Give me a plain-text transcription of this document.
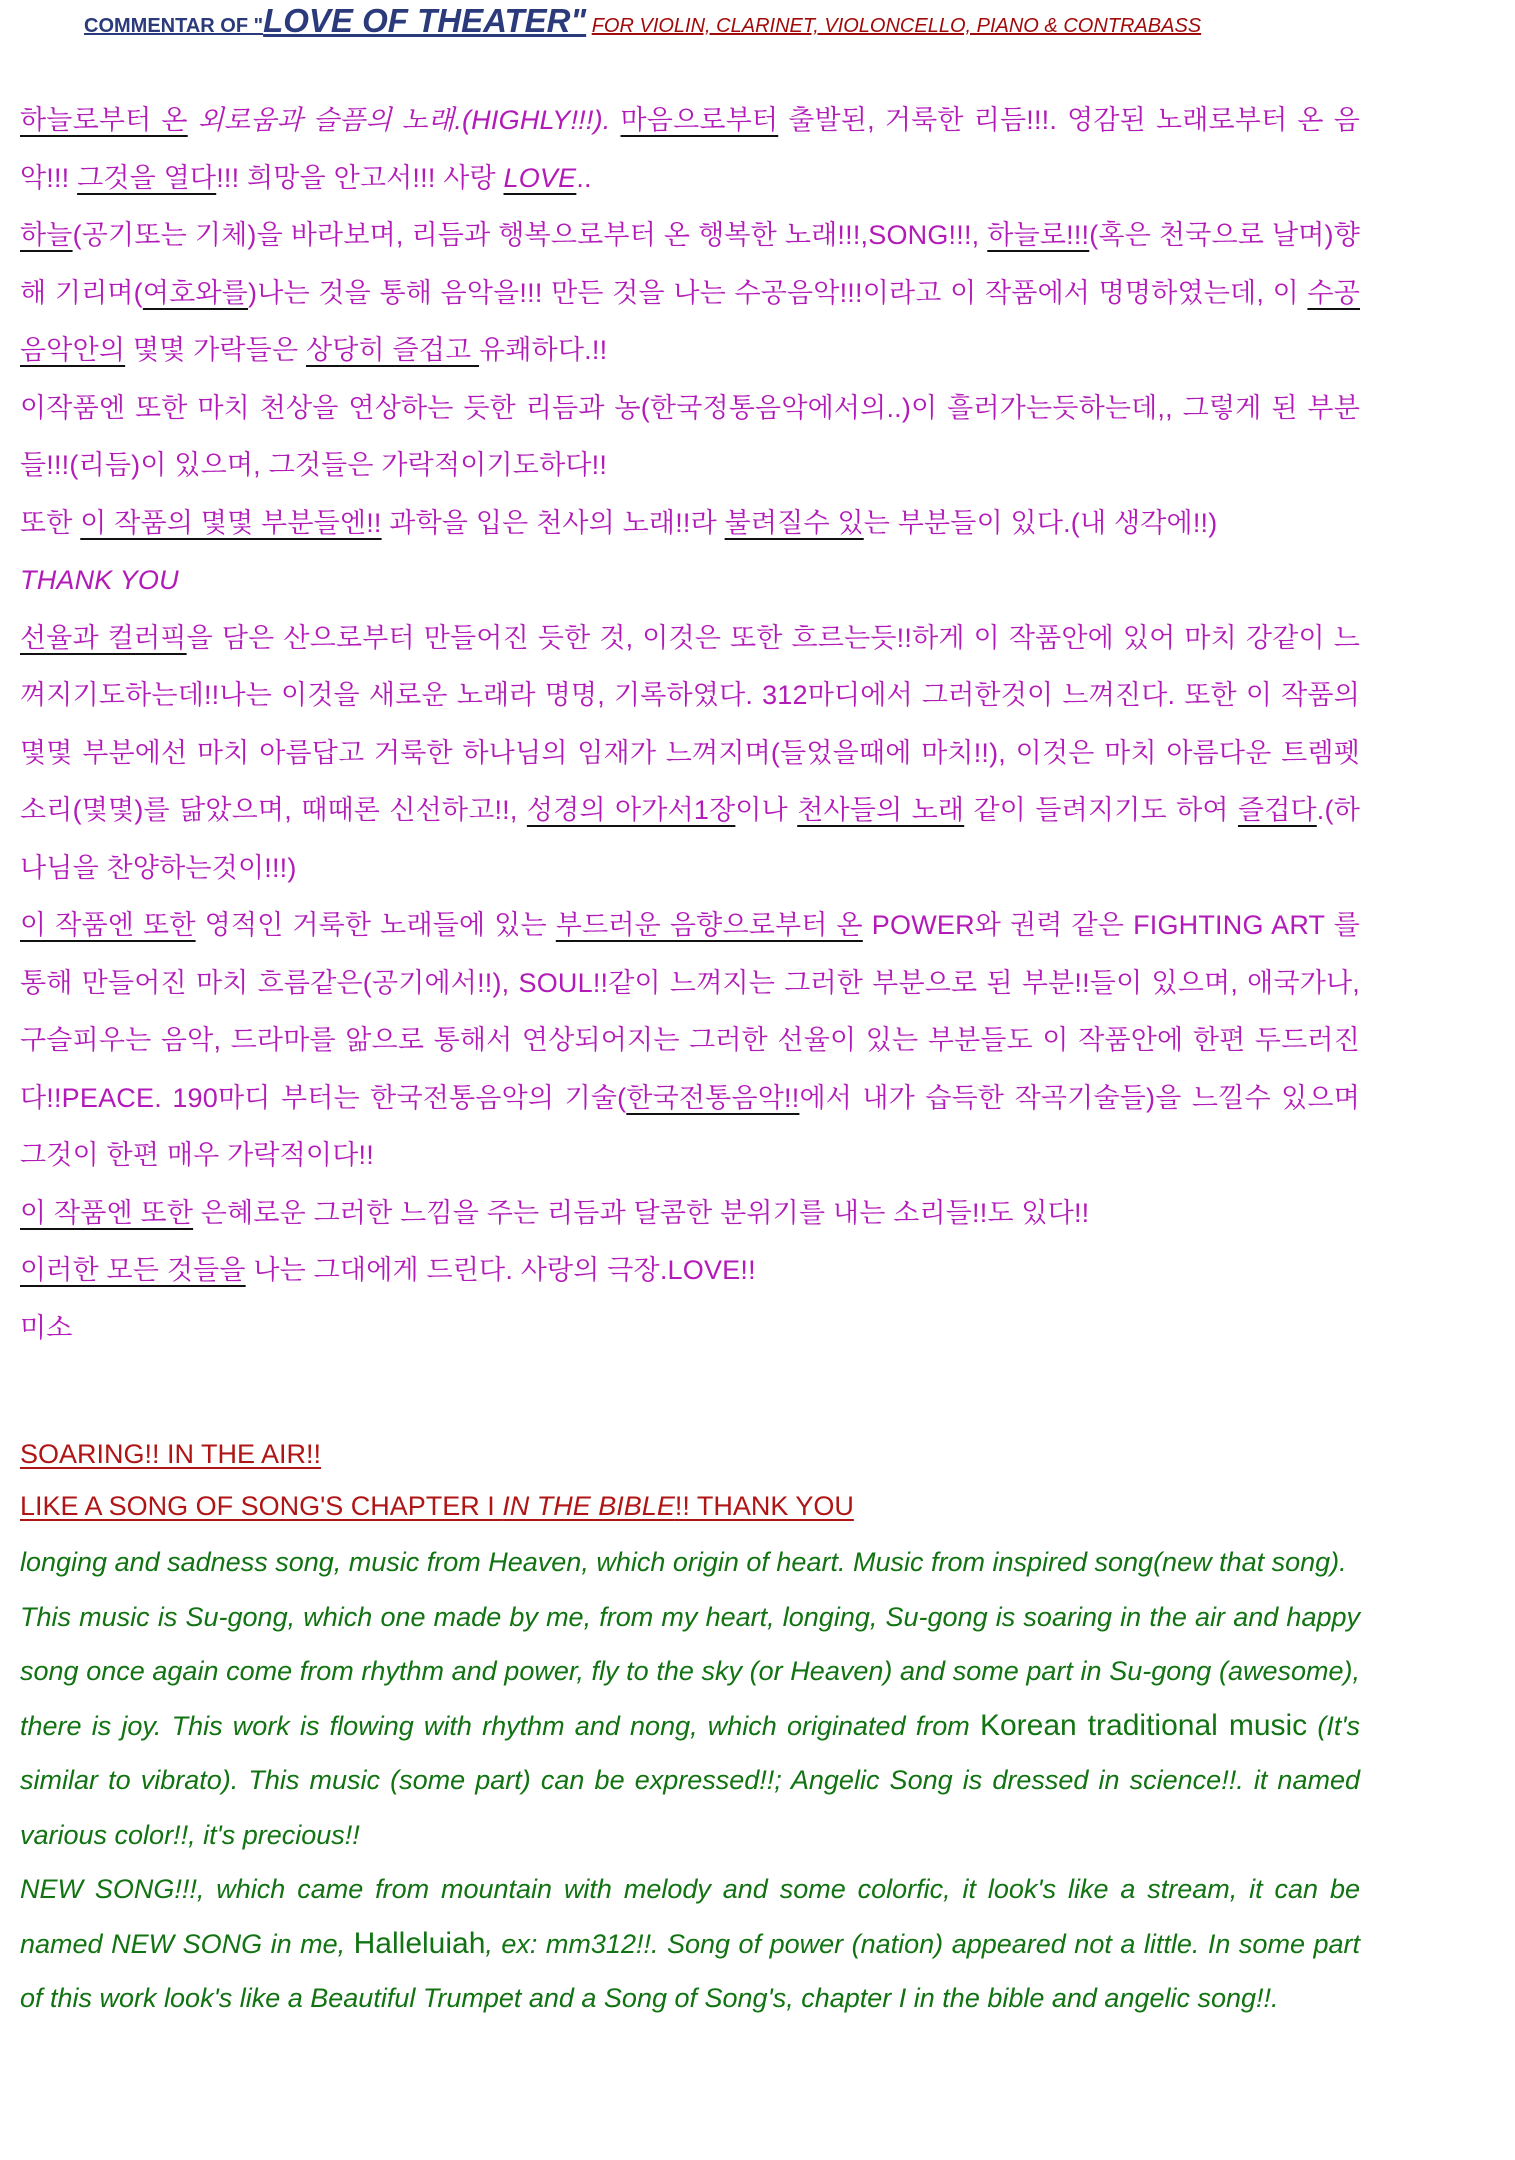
COMMENTAR OF "LOVE OF THEATER" FOR VIOLIN, CLARINET, VIOLONCELLO, PIANO & CONTRABASS

하늘로부터 온 외로움과 슬픔의 노래.(HIGHLY!!!). 마음으로부터 출발된, 거룩한 리듬!!!. 영감된 노래로부터 온 음악!!! 그것을 열다!!! 희망을 안고서!!! 사랑 LOVE..

하늘(공기또는 기체)을 바라보며, 리듬과 행복으로부터 온 행복한 노래!!!,SONG!!!, 하늘로!!!(혹은 천국으로 날며)향해 기리며(여호와를)나는 것을 통해 음악을!!! 만든 것을 나는 수공음악!!!이라고 이 작품에서 명명하였는데, 이 수공음악안의 몇몇 가락들은 상당히 즐겁고 유쾌하다.!!

이작품엔 또한 마치 천상을 연상하는 듯한 리듬과 농(한국정통음악에서의..)이 흘러가는듯하는데,, 그렇게 된 부분들!!!(리듬)이 있으며, 그것들은 가락적이기도하다!!

또한 이 작품의 몇몇 부분들엔!! 과학을 입은 천사의 노래!!라 불려질수 있는 부분들이 있다.(내 생각에!!)

THANK YOU

선율과 컬러픽을 담은 산으로부터 만들어진 듯한 것, 이것은 또한 흐르는듯!!하게 이 작품안에 있어 마치 강같이 느껴지기도하는데!!나는 이것을 새로운 노래라 명명, 기록하였다. 312마디에서 그러한것이 느껴진다. 또한 이 작품의 몇몇 부분에선 마치 아름답고 거룩한 하나님의 임재가 느껴지며(들었을때에 마치!!), 이것은 마치 아름다운 트렘펫 소리(몇몇)를 닮았으며, 때때론 신선하고!!, 성경의 아가서1장이나 천사들의 노래 같이 들려지기도 하여 즐겁다.(하나님을 찬양하는것이!!!)

이 작품엔 또한 영적인 거룩한 노래들에 있는 부드러운 음향으로부터 온 POWER와 권력 같은 FIGHTING ART 를 통해 만들어진 마치 흐름같은(공기에서!!), SOUL!!같이 느껴지는 그러한 부분으로 된 부분!!들이 있으며, 애국가나, 구슬피우는 음악, 드라마를 앎으로 통해서 연상되어지는 그러한 선율이 있는 부분들도 이 작품안에 한편 두드러진다!!PEACE. 190마디 부터는 한국전통음악의 기술(한국전통음악!!에서 내가 습득한 작곡기술들)을 느낄수 있으며 그것이 한편 매우 가락적이다!!

이 작품엔 또한 은혜로운 그러한 느낌을 주는 리듬과 달콤한 분위기를 내는 소리들!!도 있다!!

이러한 모든 것들을 나는 그대에게 드린다. 사랑의 극장.LOVE!!

미소

SOARING!! IN THE AIR!!

LIKE A SONG OF SONG'S CHAPTER I IN THE BIBLE!! THANK YOU

longing and sadness song, music from Heaven, which origin of heart. Music from inspired song(new that song).

This music is Su-gong, which one made by me, from my heart, longing, Su-gong is soaring in the air and happy song once again come from rhythm and power, fly to the sky (or Heaven) and some part in Su-gong (awesome), there is joy. This work is flowing with rhythm and nong, which originated from Korean traditional music (It's similar to vibrato). This music (some part) can be expressed!!; Angelic Song is dressed in science!!. it named various color!!, it's precious!!

NEW SONG!!!, which came from mountain with melody and some colorfic, it look's like a stream, it can be named NEW SONG in me, Halleluiah, ex: mm312!!. Song of power (nation) appeared not a little. In some part of this work look's like a Beautiful Trumpet and a Song of Song's, chapter I in the bible and angelic song!!.
